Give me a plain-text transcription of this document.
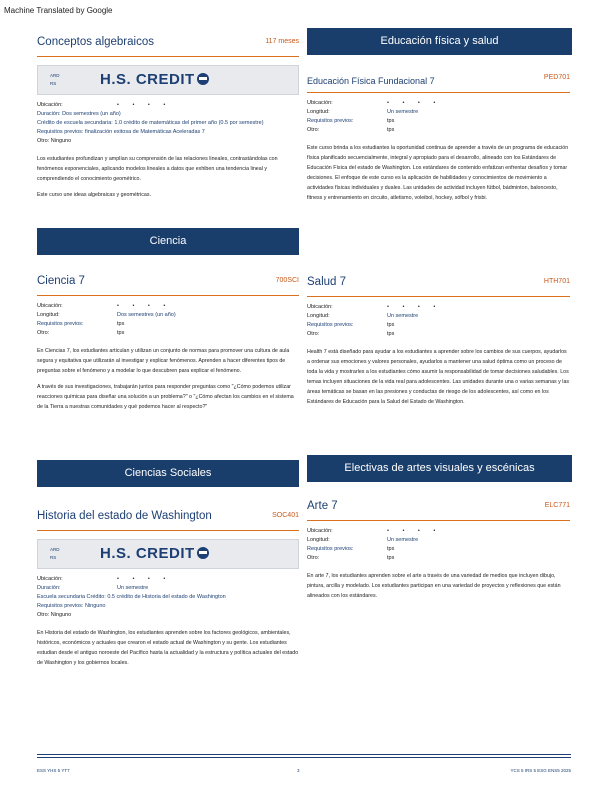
Machine Translated by Google
Conceptos algebraicos	117 meses
ARD
RS	H.S. CREDIT
Ubicación:	• • • •
Duración: Dos semestres (un año)
Crédito de escuela secundaria: 1.0 crédito de matemáticas del primer año (0.5 por semestre)
Requisitos previos: finalización exitosa de Matemáticas Aceleradas 7
Otro: Ninguno

Los estudiantes profundizan y amplían su comprensión de las relaciones lineales, contrastándolas con fenómenos exponenciales, aplicando modelos lineales a datos que exhiben una tendencia lineal y comprendiendo el conocimiento geométrico.

Este curso une ideas algebraicas y geométricas.

Ciencia
Ciencia 7	700SCI
Ubicación:	• • • •
Longitud:	Dos semestres (un año)
Requisitos previos:	tps
Otro:	tps

En Ciencias 7, los estudiantes articulan y utilizan un conjunto de normas para promover una cultura de aula segura y equitativa que utilizarán al investigar y explicar fenómenos. Aprenden a hacer diferentes tipos de preguntas sobre el fenómeno y a modelar lo que descubren para explicar el fenómeno.

A través de sus investigaciones, trabajarán juntos para responder preguntas como "¿Cómo podemos utilizar reacciones químicas para diseñar una solución a un problema?" o "¿Cómo afectan los cambios en el sistema de la Tierra a nuestras comunidades y qué podemos hacer al respecto?"

Ciencias Sociales
Historia del estado de Washington	SOC401
ARD
RS	H.S. CREDIT
Ubicación:	• • • •
Duración:	Un semestre
Escuela secundaria Crédito: 0.5 crédito de Historia del estado de Washington
Requisitos previos: Ninguno
Otro: Ninguno

En Historia del estado de Washington, los estudiantes aprenden sobre los factores geológicos, ambientales, históricos, económicos y actuales que crearon el estado actual de Washington y su gente. Los estudiantes estudian desde el antiguo noroeste del Pacífico hasta la actualidad y la estructura y política actuales del estado de Washington y los gobiernos locales.

Educación física y salud
Educación Física Fundacional 7	PED701
Ubicación:	• • • •
Longitud:	Un semestre
Requisitos previos:	tps
Otro:	tps

Este curso brinda a los estudiantes la oportunidad continua de aprender a través de un programa de educación física planificado secuencialmente, integral y apropiado para el desarrollo, alineado con los Estándares de Educación Física del estado de Washington. Los estándares de contenido enfatizan enfrentar desafíos y tomar decisiones. El enfoque de este curso es la aplicación de habilidades y conocimientos de movimiento a actividades físicas individuales y duales. Las unidades de actividad incluyen fútbol, bádminton, baloncesto, fitness y entrenamiento en circuito, atletismo, voleibol, hockey, sófbol y frisbi.

Salud 7	HTH701
Ubicación:	• • • •
Longitud:	Un semestre
Requisitos previos:	tps
Otro:	tps

Health 7 está diseñado para ayudar a los estudiantes a aprender sobre los cambios de sus cuerpos, ayudarlos a ordenar sus emociones y valores personales, ayudarlos a mantener una salud óptima como un proceso de toda la vida y mostrarles a los estudiantes cómo asumir la responsabilidad de tomar decisiones saludables. Los temas incluyen situaciones de la vida real para adolescentes. Las unidades durante una o varias semanas y las áreas temáticas se basan en las presiones y conductas de riesgo de los adolescentes, así como en los Estándares de Educación para la Salud del Estado de Washington.

Electivas de artes visuales y escénicas
Arte 7	ELC771
Ubicación:	• • • •
Longitud:	Un semestre
Requisitos previos:	tps
Otro:	tps

En arte 7, los estudiantes aprenden sobre el arte a través de una variedad de medios que incluyen dibujo, pintura, arcilla y modelado. Los estudiantes participan en una variedad de proyectos y reflexiones que están alineados con los estándares.

ESS YHS 5 YT7	3	YCS 5 IRS 5 ESG ENS5 2025
